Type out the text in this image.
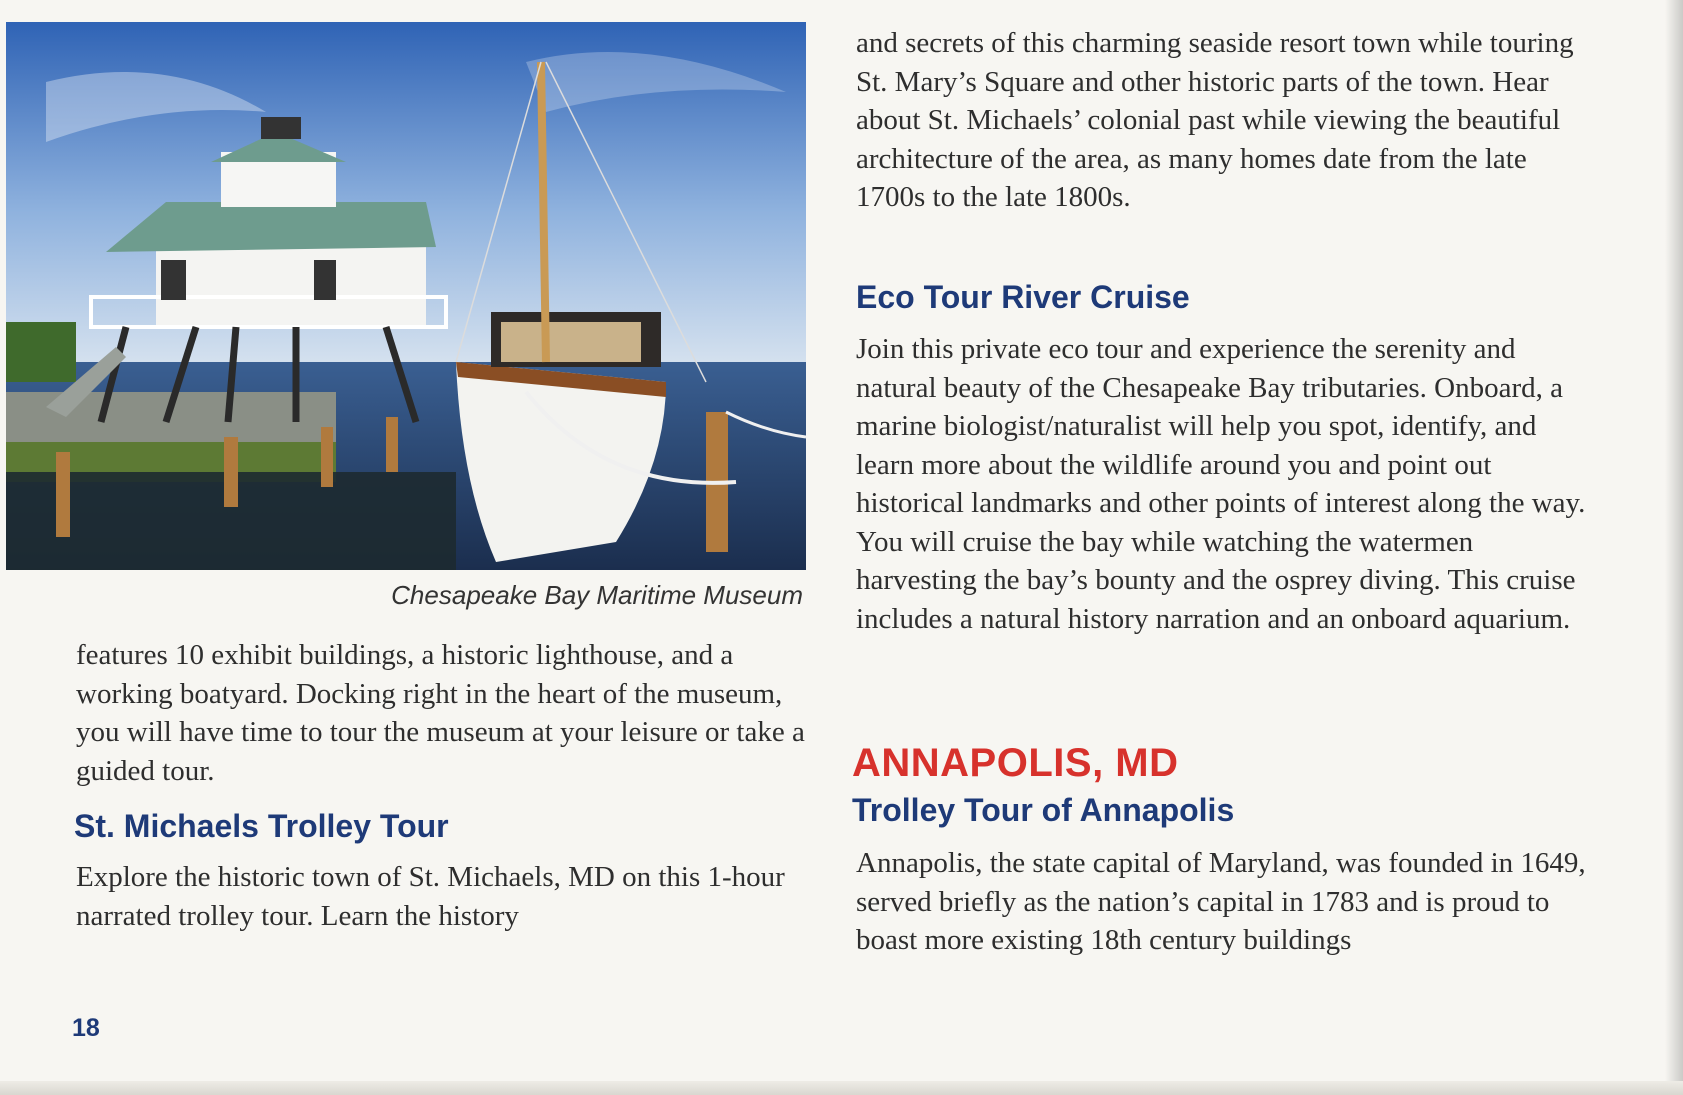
Chesapeake Bay Maritime Museum

features 10 exhibit buildings, a historic lighthouse, and a working boatyard. Docking right in the heart of the museum, you will have time to tour the museum at your leisure or take a guided tour.

St. Michaels Trolley Tour

Explore the historic town of St. Michaels, MD on this 1-hour narrated trolley tour. Learn the history

and secrets of this charming seaside resort town while touring St. Mary’s Square and other historic parts of the town. Hear about St. Michaels’ colonial past while viewing the beautiful architecture of the area, as many homes date from the late 1700s to the late 1800s.

Eco Tour River Cruise

Join this private eco tour and experience the serenity and natural beauty of the Chesapeake Bay tributaries. Onboard, a marine biologist/naturalist will help you spot, identify, and learn more about the wildlife around you and point out historical landmarks and other points of interest along the way. You will cruise the bay while watching the watermen harvesting the bay’s bounty and the osprey diving. This cruise includes a natural history narration and an onboard aquarium.

ANNAPOLIS, MD
Trolley Tour of Annapolis

Annapolis, the state capital of Maryland, was founded in 1649, served briefly as the nation’s capital in 1783 and is proud to boast more existing 18th century buildings

18
